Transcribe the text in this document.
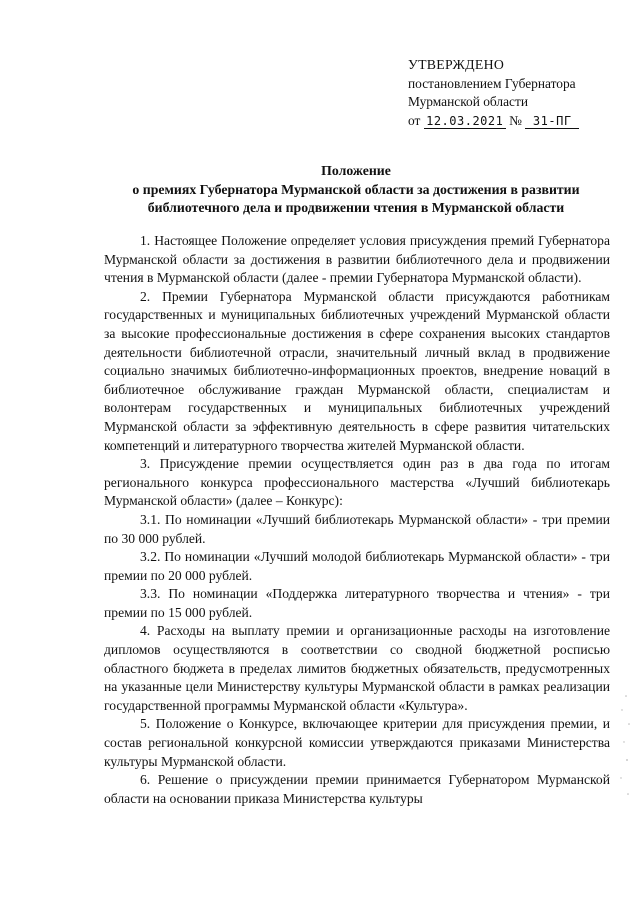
УТВЕРЖДЕНО
постановлением Губернатора
Мурманской области
от 12.03.2021 № 31-ПГ
Положение
о премиях Губернатора Мурманской области за достижения в развитии
библиотечного дела и продвижении чтения в Мурманской области

1. Настоящее Положение определяет условия присуждения премий Губернатора Мурманской области за достижения в развитии библиотечного дела и продвижении чтения в Мурманской области (далее - премии Губернатора Мурманской области).

2. Премии Губернатора Мурманской области присуждаются работникам государственных и муниципальных библиотечных учреждений Мурманской области за высокие профессиональные достижения в сфере сохранения высоких стандартов деятельности библиотечной отрасли, значительный личный вклад в продвижение социально значимых библиотечно-информационных проектов, внедрение новаций в библиотечное обслуживание граждан Мурманской области, специалистам и волонтерам государственных и муниципальных библиотечных учреждений Мурманской области за эффективную деятельность в сфере развития читательских компетенций и литературного творчества жителей Мурманской области.

3. Присуждение премии осуществляется один раз в два года по итогам регионального конкурса профессионального мастерства «Лучший библиотекарь Мурманской области» (далее – Конкурс):

3.1. По номинации «Лучший библиотекарь Мурманской области» - три премии по 30 000 рублей.

3.2. По номинации «Лучший молодой библиотекарь Мурманской области» - три премии по 20 000 рублей.

3.3. По номинации «Поддержка литературного творчества и чтения» - три премии по 15 000 рублей.

4. Расходы на выплату премии и организационные расходы на изготовление дипломов осуществляются в соответствии со сводной бюджетной росписью областного бюджета в пределах лимитов бюджетных обязательств, предусмотренных на указанные цели Министерству культуры Мурманской области в рамках реализации государственной программы Мурманской области «Культура».

5. Положение о Конкурсе, включающее критерии для присуждения премии, и состав региональной конкурсной комиссии утверждаются приказами Министерства культуры Мурманской области.

6. Решение о присуждении премии принимается Губернатором Мурманской области на основании приказа Министерства культуры
